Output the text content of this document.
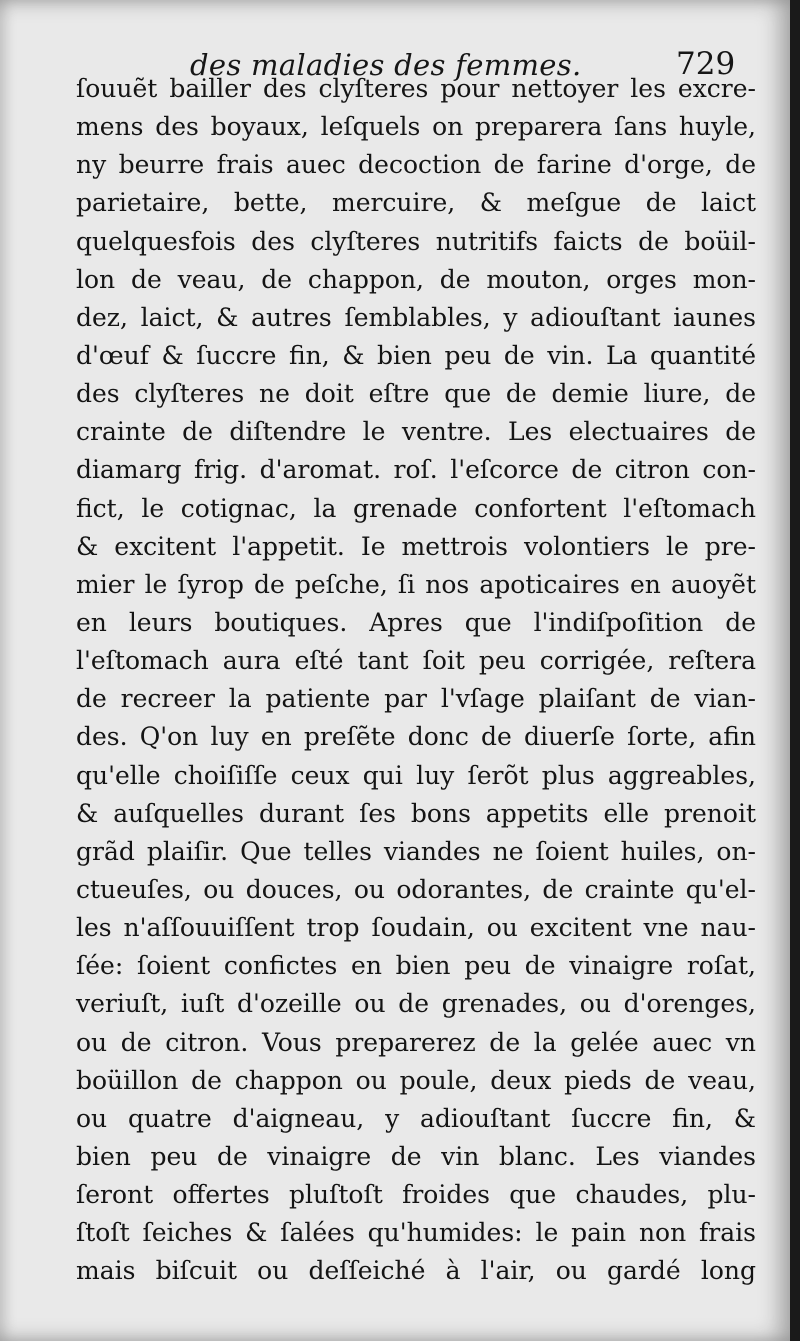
des maladies des femmes.	729
ſouuẽt bailler des clyſteres pour nettoyer les excre-
mens des boyaux, leſquels on preparera ſans huyle,
ny beurre frais auec decoction de farine d'orge, de
parietaire, bette, mercuire, & meſgue de laict
quelquesfois des clyſteres nutritifs faicts de boüil-
lon de veau, de chappon, de mouton, orges mon-
dez, laict, & autres ſemblables, y adiouſtant iaunes
d'œuf & ſuccre fin, & bien peu de vin. La quantité
des clyſteres ne doit eſtre que de demie liure, de
crainte de diſtendre le ventre. Les electuaires de
diamarg frig. d'aromat. roſ. l'eſcorce de citron con-
fict, le cotignac, la grenade confortent l'eſtomach
& excitent l'appetit. Ie mettrois volontiers le pre-
mier le ſyrop de peſche, ſi nos apoticaires en auoyẽt
en leurs boutiques. Apres que l'indiſpoſition de
l'eſtomach aura eſté tant ſoit peu corrigée, reſtera
de recreer la patiente par l'vſage plaiſant de vian-
des. Q'on luy en preſẽte donc de diuerſe ſorte, afin
qu'elle choiſiſſe ceux qui luy ſerõt plus aggreables,
& auſquelles durant ſes bons appetits elle prenoit
grãd plaiſir. Que telles viandes ne ſoient huiles, on-
ctueuſes, ou douces, ou odorantes, de crainte qu'el-
les n'aſſouuiſſent trop ſoudain, ou excitent vne nau-
ſée: ſoient confictes en bien peu de vinaigre roſat,
veriuſt, iuſt d'ozeille ou de grenades, ou d'orenges,
ou de citron. Vous preparerez de la gelée auec vn
boüillon de chappon ou poule, deux pieds de veau,
ou quatre d'aigneau, y adiouſtant ſuccre fin, &
bien peu de vinaigre de vin blanc. Les viandes
ſeront offertes pluſtoſt froides que chaudes, plu-
ſtoſt ſeiches & ſalées qu'humides: le pain non frais
mais biſcuit ou deſſeiché à l'air, ou gardé long
